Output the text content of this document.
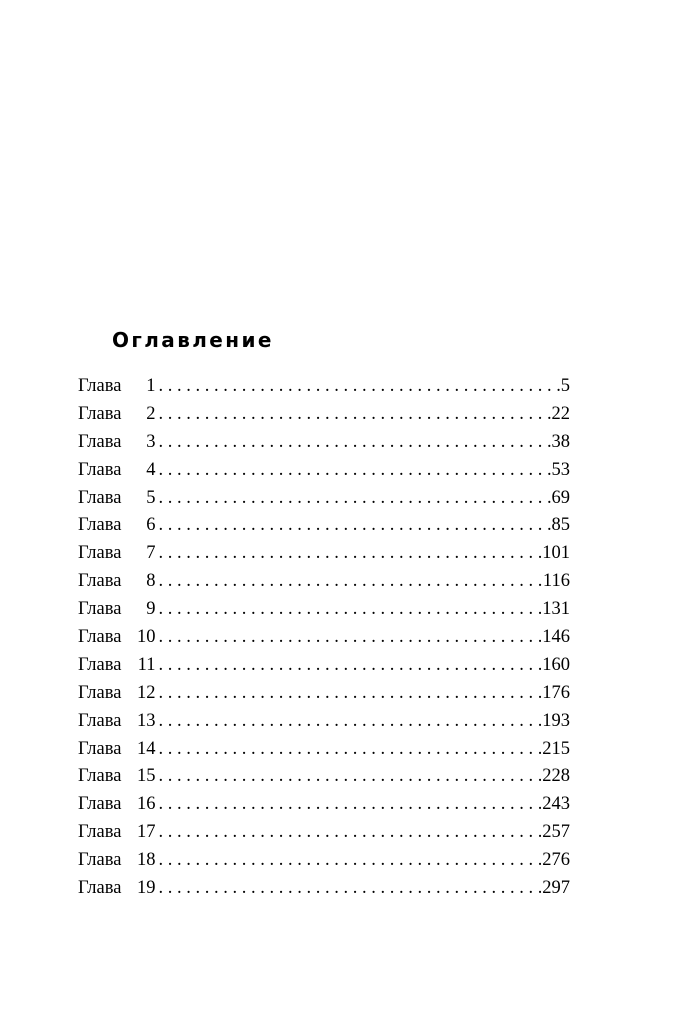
Оглавление
Глава	1 . . .	5
Глава	2 . . .	22
Глава	3 . . .	38
Глава	4 . . .	53
Глава	5 . . .	69
Глава	6 . . .	85
Глава	7 . . .	101
Глава	8 . . .	116
Глава	9 . . .	131
Глава 10 . . .	146
Глава 11 . . .	160
Глава 12 . . .	176
Глава 13 . . .	193
Глава 14 . . .	215
Глава 15 . . .	228
Глава 16 . . .	243
Глава 17 . . .	257
Глава 18 . . .	276
Глава 19 . . .	297
